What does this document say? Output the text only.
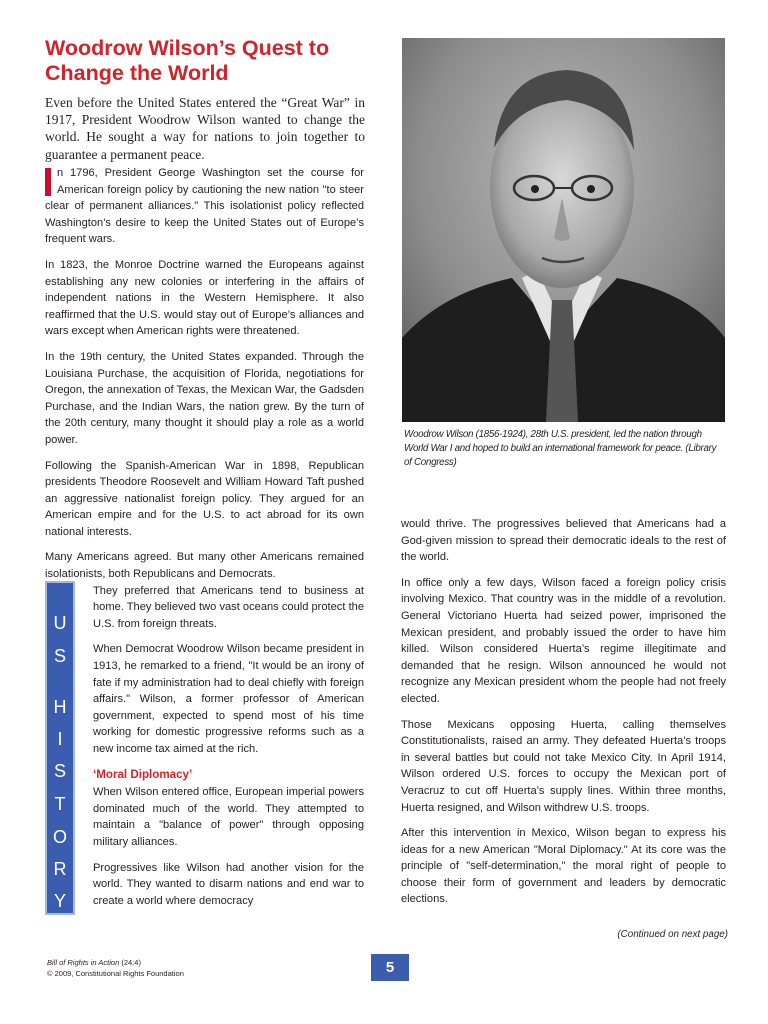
Woodrow Wilson’s Quest to
Change the World

Even before the United States entered the “Great War” in 1917, President Woodrow Wilson wanted to change the world. He sought a way for nations to join together to guarantee a permanent peace.

n 1796, President George Washington set the course for American foreign policy by cautioning the new nation "to steer clear of permanent alliances." This isolationist policy reflected Washington’s desire to keep the United States out of Europe’s frequent wars.

In 1823, the Monroe Doctrine warned the Europeans against establishing any new colonies or interfering in the affairs of independent nations in the Western Hemisphere. It also reaffirmed that the U.S. would stay out of Europe’s alliances and wars except when American rights were threatened.

In the 19th century, the United States expanded. Through the Louisiana Purchase, the acquisition of Florida, negotiations for Oregon, the annexation of Texas, the Mexican War, the Gadsden Purchase, and the Indian Wars, the nation grew. By the turn of the 20th century, many thought it should play a role as a world power.

Following the Spanish-American War in 1898, Republican presidents Theodore Roosevelt and William Howard Taft pushed an aggressive nationalist foreign policy. They argued for an American empire and for the U.S. to act abroad for its own national interests.

Many Americans agreed. But many other Americans remained isolationists, both Republicans and Democrats.

U
S
H
I
S
T
O
R
Y

They preferred that Americans tend to business at home. They believed two vast oceans could protect the U.S. from foreign threats.

When Democrat Woodrow Wilson became president in 1913, he remarked to a friend, "It would be an irony of fate if my administration had to deal chiefly with foreign affairs." Wilson, a former professor of American government, expected to spend most of his time working for domestic progressive reforms such as a new income tax aimed at the rich.

‘Moral Diplomacy’

When Wilson entered office, European imperial powers dominated much of the world. They attempted to maintain a "balance of power" through opposing military alliances.

Progressives like Wilson had another vision for the world. They wanted to disarm nations and end war to create a world where democracy

Woodrow Wilson (1856-1924), 28th U.S. president, led the nation through World War I and hoped to build an international framework for peace. (Library of Congress)

would thrive. The progressives believed that Americans had a God-given mission to spread their democratic ideals to the rest of the world.

In office only a few days, Wilson faced a foreign policy crisis involving Mexico. That country was in the middle of a revolution. General Victoriano Huerta had seized power, imprisoned the Mexican president, and probably issued the order to have him killed. Wilson considered Huerta’s regime illegitimate and demanded that he resign. Wilson announced he would not recognize any Mexican president whom the people had not freely elected.

Those Mexicans opposing Huerta, calling themselves Constitutionalists, raised an army. They defeated Huerta’s troops in several battles but could not take Mexico City. In April 1914, Wilson ordered U.S. forces to occupy the Mexican port of Veracruz to cut off Huerta’s supply lines. Within three months, Huerta resigned, and Wilson withdrew U.S. troops.

After this intervention in Mexico, Wilson began to express his ideas for a new American "Moral Diplomacy." At its core was the principle of "self-determination," the moral right of people to choose their form of government and leaders by democratic elections.

(Continued on next page)

Bill of Rights in Action (24:4)
© 2009, Constitutional Rights Foundation	5
